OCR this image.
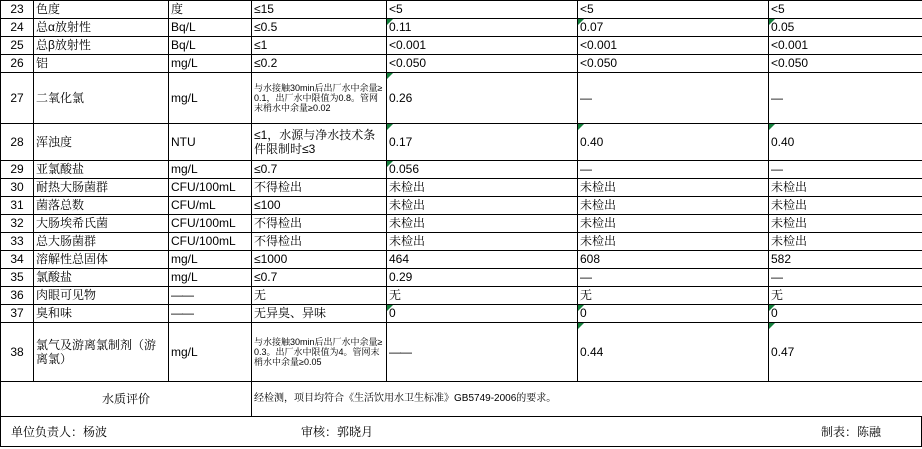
23	色度	度	≤15	<5	<5	<5
24	总α放射性	Bq/L	≤0.5	0.11	0.07	0.05
25	总β放射性	Bq/L	≤1	<0.001	<0.001	<0.001
26	铝	mg/L	≤0.2	<0.050	<0.050	<0.050
27	二氧化氯	mg/L	与水接触30min后出厂水中余量≥0.1，出厂水中限值为0.8。管网末梢水中余量≥0.02	0.26	—	—
28	浑浊度	NTU	≤1，水源与净水技术条件限制时≤3	0.17	0.40	0.40
29	亚氯酸盐	mg/L	≤0.7	0.056	—	—
30	耐热大肠菌群	CFU/100mL	不得检出	未检出	未检出	未检出
31	菌落总数	CFU/mL	≤100	未检出	未检出	未检出
32	大肠埃希氏菌	CFU/100mL	不得检出	未检出	未检出	未检出
33	总大肠菌群	CFU/100mL	不得检出	未检出	未检出	未检出
34	溶解性总固体	mg/L	≤1000	464	608	582
35	氯酸盐	mg/L	≤0.7	0.29	—	—
36	肉眼可见物	——	无	无	无	无
37	臭和味	——	无异臭、异味	0	0	0
38	氯气及游离氯制剂（游离氯）	mg/L	与水接触30min后出厂水中余量≥0.3。出厂水中限值为4。管网末梢水中余量≥0.05	——	0.44	0.47
水质评价			经检测，项目均符合《生活饮用水卫生标准》GB5749-2006的要求。			
单位负责人：杨波	审核：郭晓月	制表：陈融
